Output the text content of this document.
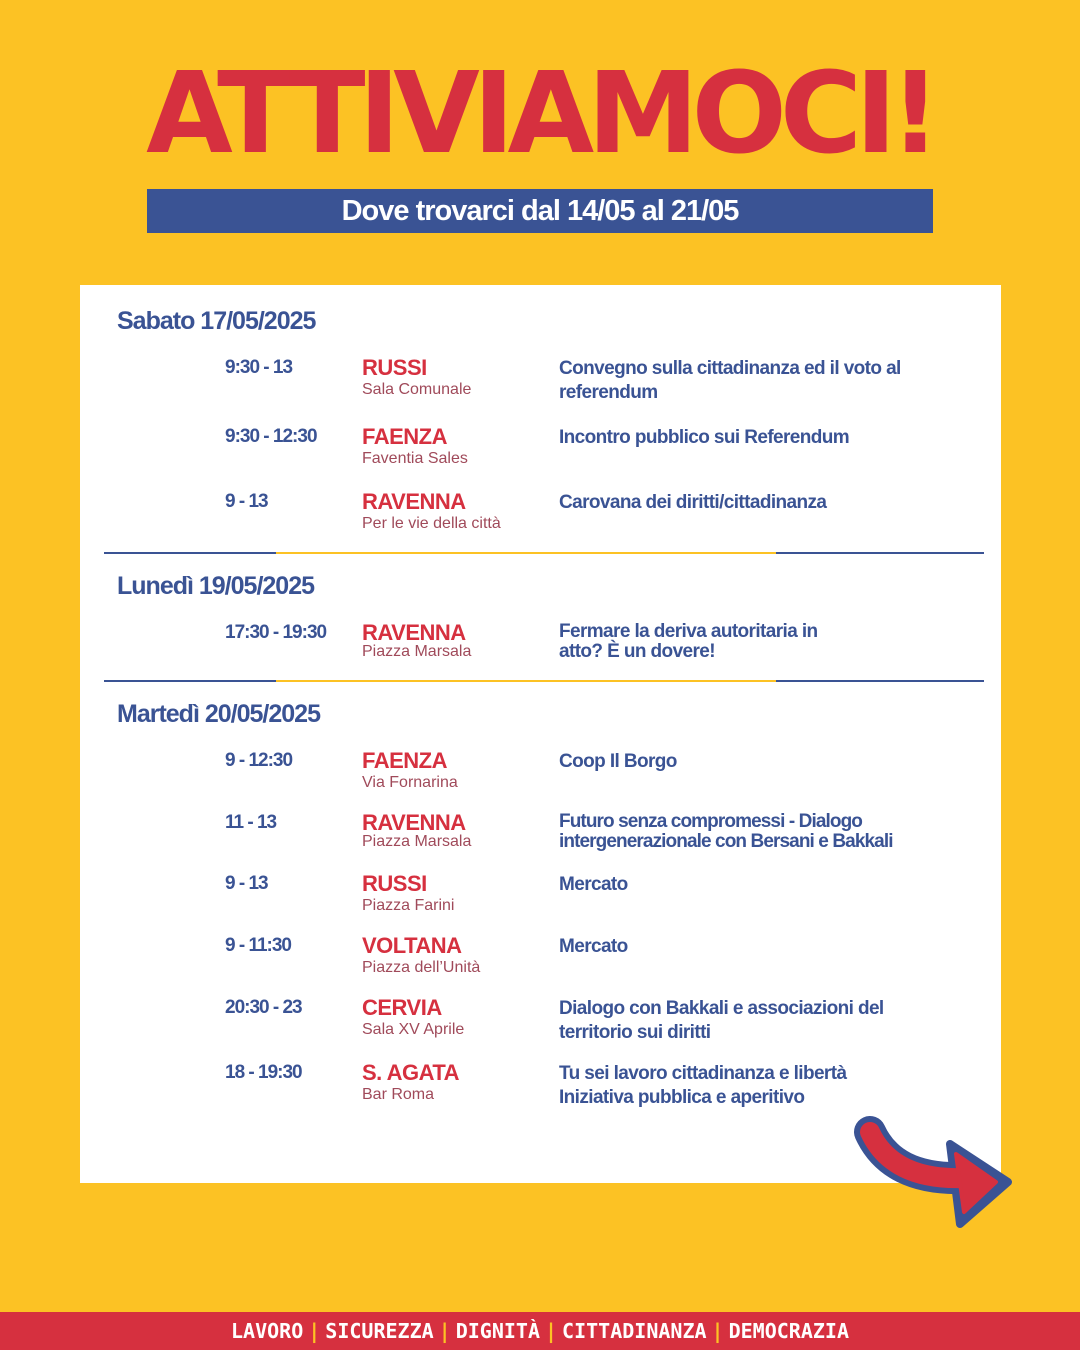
ATTIVIAMOCI!
Dove trovarci dal 14/05 al 21/05
Sabato 17/05/2025
9:30 - 13	RUSSI
Sala Comunale
Convegno sulla cittadinanza ed il voto al referendum
9:30 - 12:30 FAENZA
Faventia Sales
Incontro pubblico sui Referendum
9 - 13	RAVENNA
Per le vie della città
Carovana dei diritti/cittadinanza
Lunedì 19/05/2025
17:30 - 19:30 RAVENNA
Piazza Marsala
Fermare la deriva autoritaria in atto? È un dovere!
Martedì 20/05/2025
9 - 12:30	FAENZA
Via Fornarina
Coop Il Borgo
11 - 13	RAVENNA
Piazza Marsala
Futuro senza compromessi - Dialogo intergenerazionale con Bersani e Bakkali
9 - 13	RUSSI
Piazza Farini
Mercato
9 - 11:30	VOLTANA
Piazza dell’Unità
Mercato
20:30 - 23	CERVIA
Sala XV Aprile
Dialogo con Bakkali e associazioni del territorio sui diritti
18 - 19:30	S. AGATA
Bar Roma
Tu sei lavoro cittadinanza e libertà Iniziativa pubblica e aperitivo
LAVORO | SICUREZZA | DIGNITÀ | CITTADINANZA | DEMOCRAZIA
